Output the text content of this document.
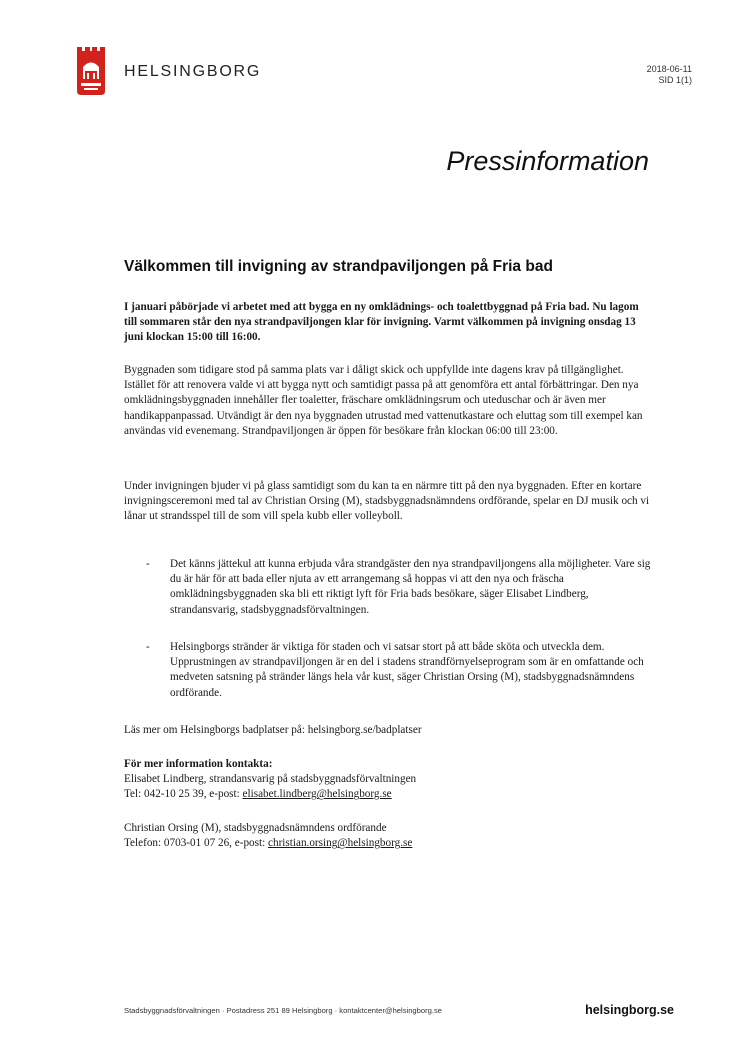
HELSINGBORG	2018-06-11
SID 1(1)
Pressinformation
Välkommen till invigning av strandpaviljongen på Fria bad

I januari påbörjade vi arbetet med att bygga en ny omklädnings- och toalettbyggnad på Fria bad. Nu lagom till sommaren står den nya strandpaviljongen klar för invigning. Varmt välkommen på invigning onsdag 13 juni klockan 15:00 till 16:00.

Byggnaden som tidigare stod på samma plats var i dåligt skick och uppfyllde inte dagens krav på tillgänglighet. Istället för att renovera valde vi att bygga nytt och samtidigt passa på att genomföra ett antal förbättringar. Den nya omklädningsbyggnaden innehåller fler toaletter, fräschare omklädningsrum och uteduschar och är även mer handikappanpassad. Utvändigt är den nya byggnaden utrustad med vattenutkastare och eluttag som till exempel kan användas vid evenemang. Strandpaviljongen är öppen för besökare från klockan 06:00 till 23:00.

Under invigningen bjuder vi på glass samtidigt som du kan ta en närmre titt på den nya byggnaden. Efter en kortare invigningsceremoni med tal av Christian Orsing (M), stadsbyggnadsnämndens ordförande, spelar en DJ musik och vi lånar ut strandsspel till de som vill spela kubb eller volleyboll.

- Det känns jättekul att kunna erbjuda våra strandgäster den nya strandpaviljongens alla möjligheter. Vare sig du är här för att bada eller njuta av ett arrangemang så hoppas vi att den nya och fräscha omklädningsbyggnaden ska bli ett riktigt lyft för Fria bads besökare, säger Elisabet Lindberg, strandansvarig, stadsbyggnadsförvaltningen.
- Helsingborgs stränder är viktiga för staden och vi satsar stort på att både sköta och utveckla dem. Upprustningen av strandpaviljongen är en del i stadens strandförnyelseprogram som är en omfattande och medveten satsning på stränder längs hela vår kust, säger Christian Orsing (M), stadsbyggnadsnämndens ordförande.

Läs mer om Helsingborgs badplatser på: helsingborg.se/badplatser

För mer information kontakta:

Elisabet Lindberg, strandansvarig på stadsbyggnadsförvaltningen

Tel: 042-10 25 39, e-post: elisabet.lindberg@helsingborg.se

Christian Orsing (M), stadsbyggnadsnämndens ordförande

Telefon: 0703-01 07 26, e-post: christian.orsing@helsingborg.se

Stadsbyggnadsförvaltningen · Postadress 251 89 Helsingborg · kontaktcenter@helsingborg.se	helsingborg.se
